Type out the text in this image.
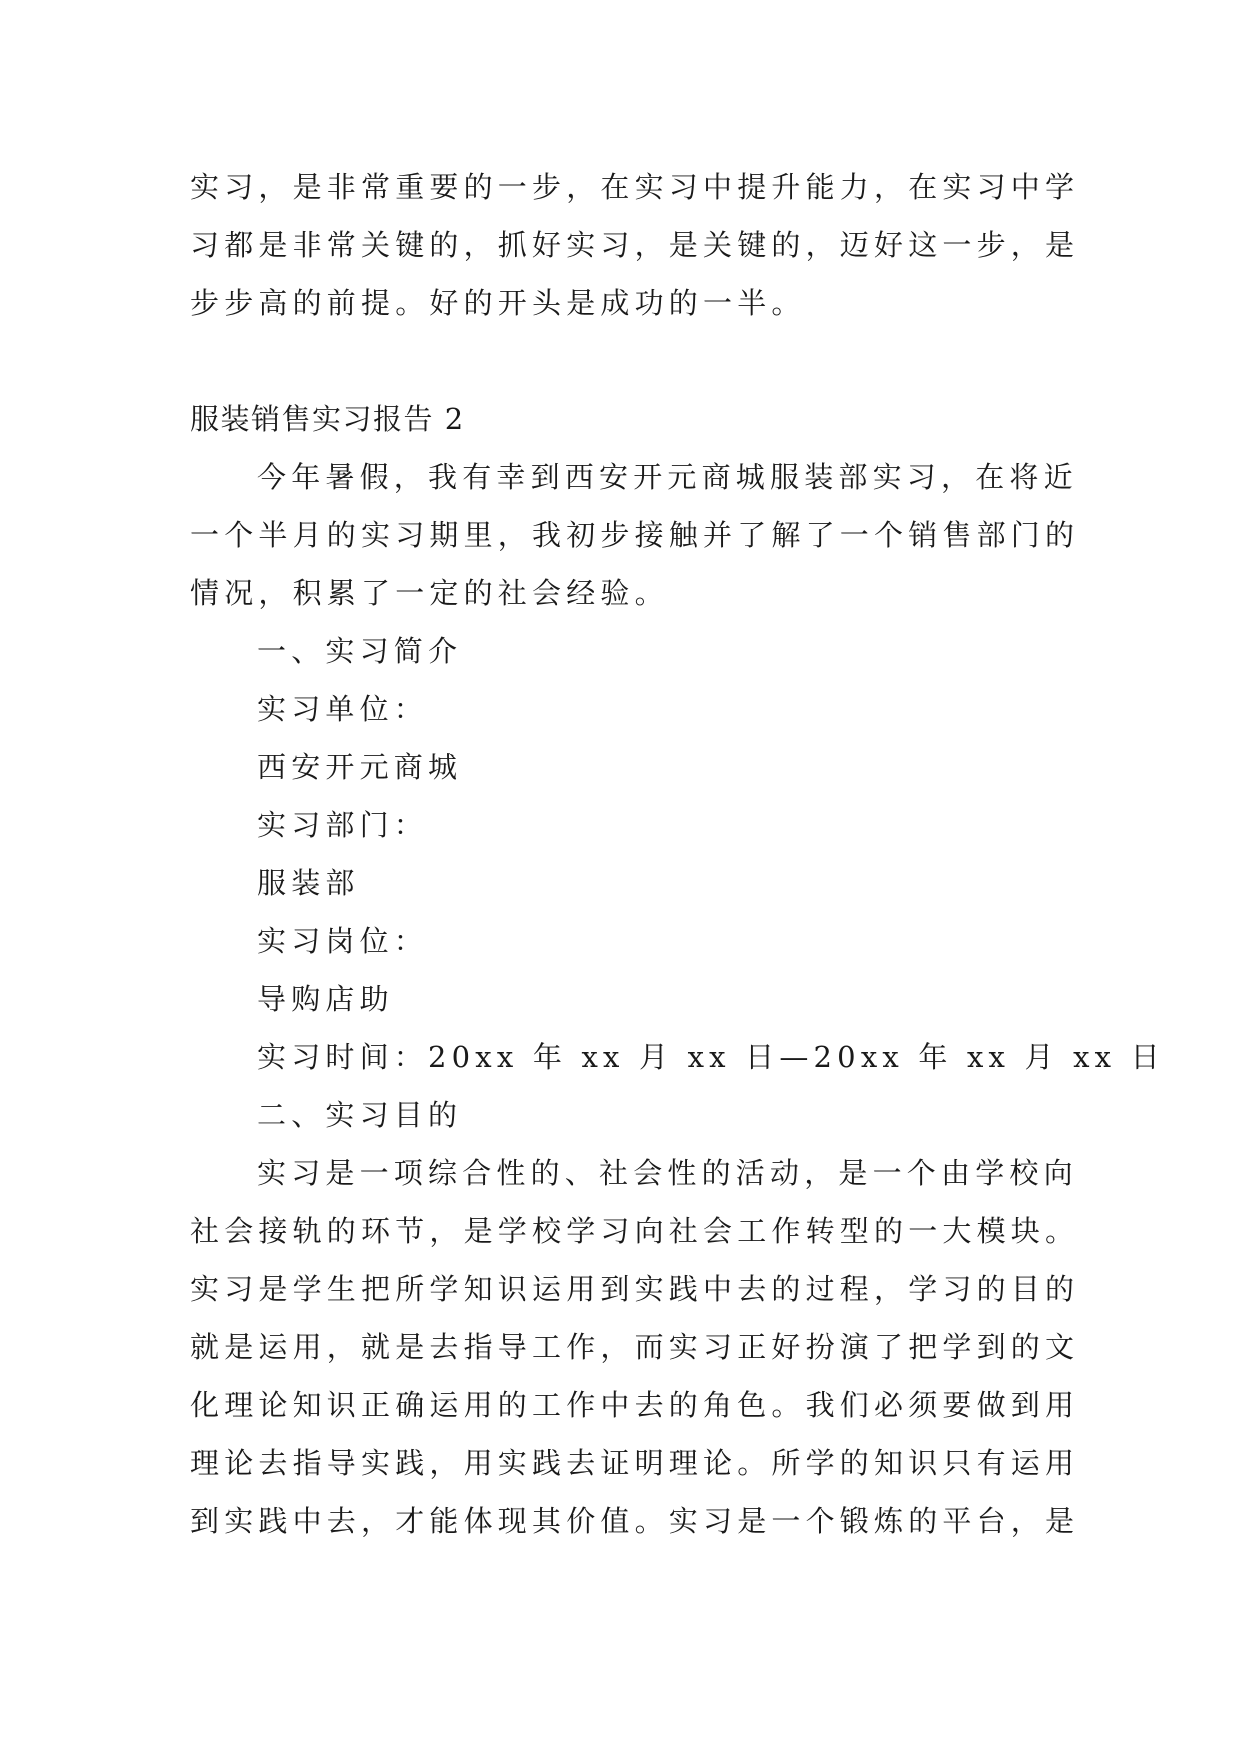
实习，是非常重要的一步，在实习中提升能力，在实习中学

习都是非常关键的，抓好实习，是关键的，迈好这一步，是

步步高的前提。好的开头是成功的一半。

服装销售实习报告 2

今年暑假，我有幸到西安开元商城服装部实习，在将近

一个半月的实习期里，我初步接触并了解了一个销售部门的

情况，积累了一定的社会经验。

一、实习简介

实习单位：

西安开元商城

实习部门：

服装部

实习岗位：

导购店助

实习时间：20xx 年 xx 月 xx 日—20xx 年 xx 月 xx 日

二、实习目的

实习是一项综合性的、社会性的活动，是一个由学校向

社会接轨的环节，是学校学习向社会工作转型的一大模块。

实习是学生把所学知识运用到实践中去的过程，学习的目的

就是运用，就是去指导工作，而实习正好扮演了把学到的文

化理论知识正确运用的工作中去的角色。我们必须要做到用

理论去指导实践，用实践去证明理论。所学的知识只有运用

到实践中去，才能体现其价值。实习是一个锻炼的平台，是
